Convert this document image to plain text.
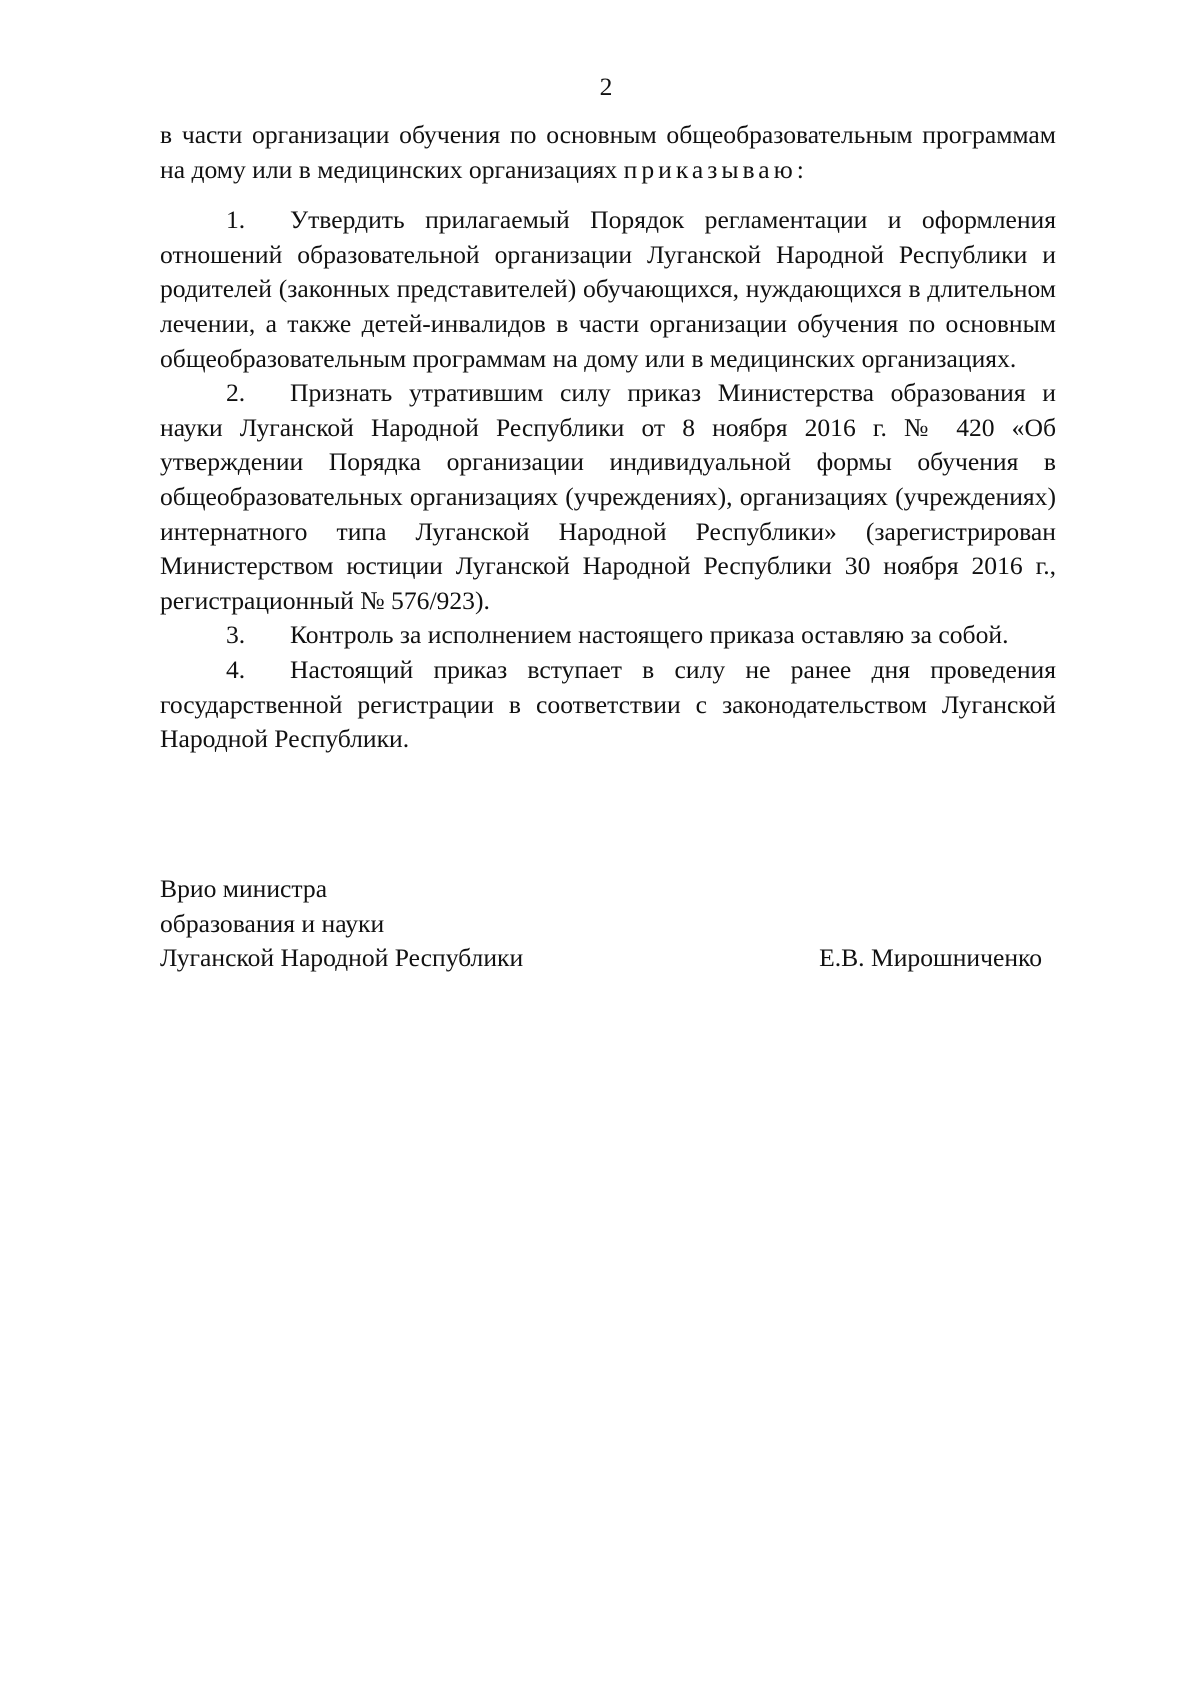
2

в части организации обучения по основным общеобразовательным программам на дому или в медицинских организациях приказываю:

1. Утвердить прилагаемый Порядок регламентации и оформления отношений образовательной организации Луганской Народной Республики и родителей (законных представителей) обучающихся, нуждающихся в длительном лечении, а также детей-инвалидов в части организации обучения по основным общеобразовательным программам на дому или в медицинских организациях.

2. Признать утратившим силу приказ Министерства образования и науки Луганской Народной Республики от 8 ноября 2016 г. № 420 «Об утверждении Порядка организации индивидуальной формы обучения в общеобразовательных организациях (учреждениях), организациях (учреждениях) интернатного типа Луганской Народной Республики» (зарегистрирован Министерством юстиции Луганской Народной Республики 30 ноября 2016 г., регистрационный № 576/923).

3. Контроль за исполнением настоящего приказа оставляю за собой.

4. Настоящий приказ вступает в силу не ранее дня проведения государственной регистрации в соответствии с законодательством Луганской Народной Республики.

Врио министра
образования и науки
Луганской Народной Республики	Е.В. Мирошниченко
